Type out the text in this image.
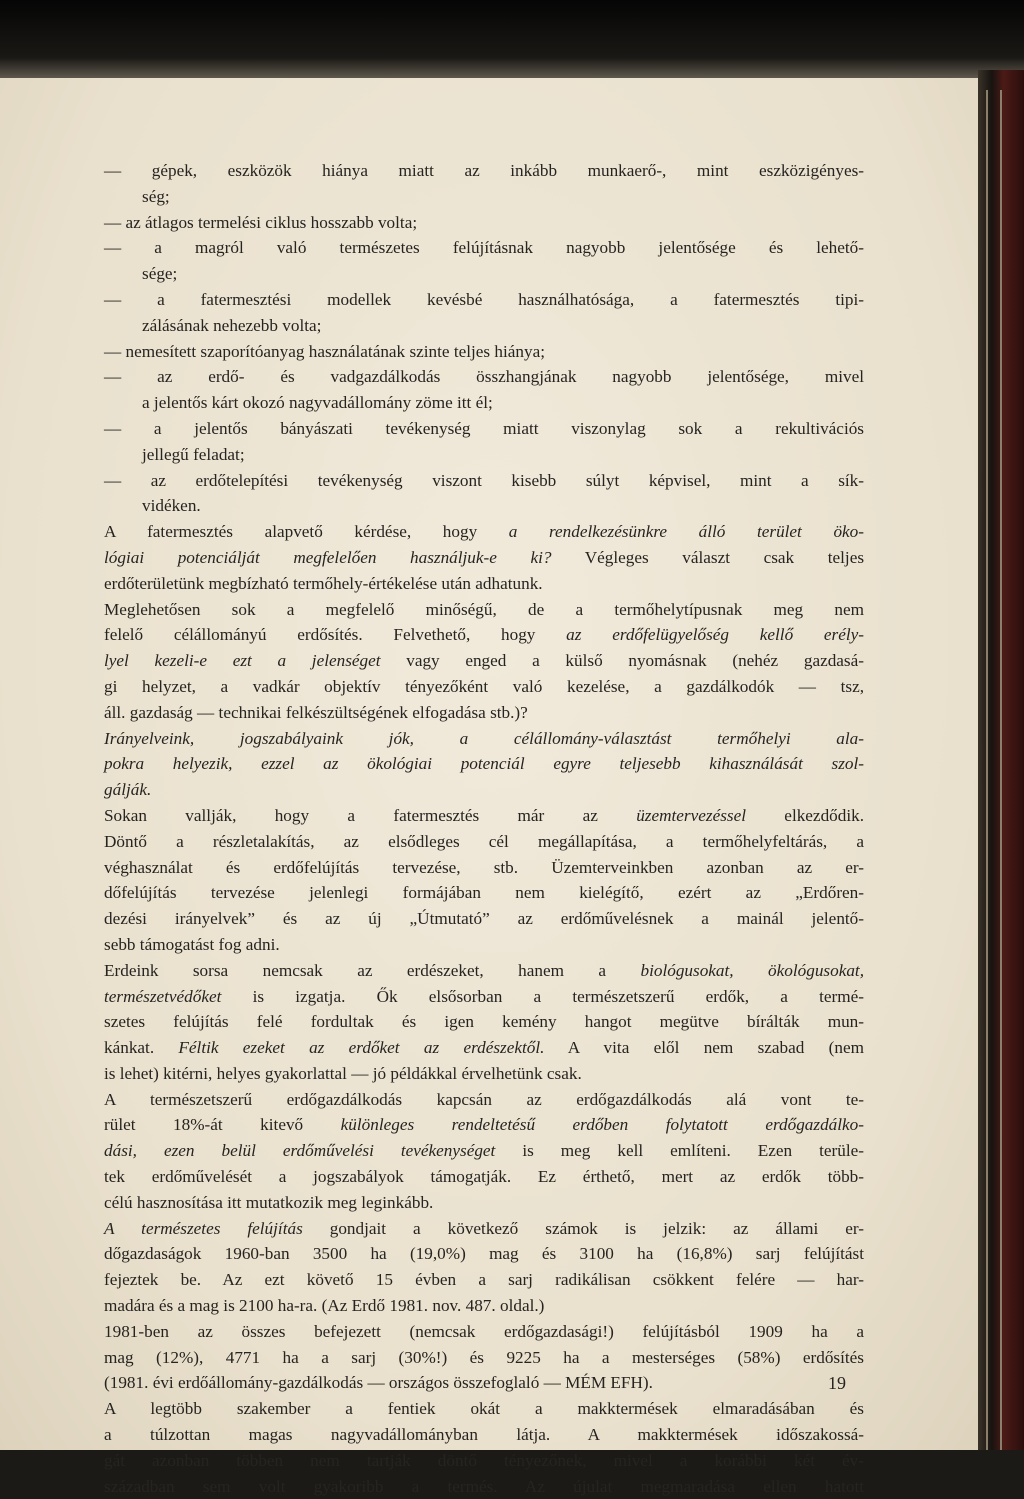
— gépek, eszközök hiánya miatt az inkább munkaerő-, mint eszközigényes-
ség;
— az átlagos termelési ciklus hosszabb volta;
— a magról való természetes felújításnak nagyobb jelentősége és lehető-
sége;
— a fatermesztési modellek kevésbé használhatósága, a fatermesztés tipi-
zálásának nehezebb volta;
— nemesített szaporítóanyag használatának szinte teljes hiánya;
— az erdő- és vadgazdálkodás összhangjának nagyobb jelentősége, mivel
a jelentős kárt okozó nagyvadállomány zöme itt él;
— a jelentős bányászati tevékenység miatt viszonylag sok a rekultivációs
jellegű feladat;
— az erdőtelepítési tevékenység viszont kisebb súlyt képvisel, mint a sík-
vidéken.
A fatermesztés alapvető kérdése, hogy a rendelkezésünkre álló terület öko-
lógiai potenciálját megfelelően használjuk-e ki? Végleges választ csak teljes
erdőterületünk megbízható termőhely-értékelése után adhatunk.
Meglehetősen sok a megfelelő minőségű, de a termőhelytípusnak meg nem
felelő célállományú erdősítés. Felvethető, hogy az erdőfelügyelőség kellő erély-
lyel kezeli-e ezt a jelenséget vagy enged a külső nyomásnak (nehéz gazdasá-
gi helyzet, a vadkár objektív tényezőként való kezelése, a gazdálkodók — tsz,
áll. gazdaság — technikai felkészültségének elfogadása stb.)?
Irányelveink, jogszabályaink jók, a célállomány-választást termőhelyi ala-
pokra helyezik, ezzel az ökológiai potenciál egyre teljesebb kihasználását szol-
gálják.
Sokan vallják, hogy a fatermesztés már az üzemtervezéssel elkezdődik.
Döntő a részletalakítás, az elsődleges cél megállapítása, a termőhelyfeltárás, a
véghasználat és erdőfelújítás tervezése, stb. Üzemterveinkben azonban az er-
dőfelújítás tervezése jelenlegi formájában nem kielégítő, ezért az „Erdőren-
dezési irányelvek” és az új „Útmutató” az erdőművelésnek a mainál jelentő-
sebb támogatást fog adni.
Erdeink sorsa nemcsak az erdészeket, hanem a biológusokat, ökológusokat,
természetvédőket is izgatja. Ők elsősorban a természetszerű erdők, a termé-
szetes felújítás felé fordultak és igen kemény hangot megütve bírálták mun-
kánkat. Féltik ezeket az erdőket az erdészektől. A vita elől nem szabad (nem
is lehet) kitérni, helyes gyakorlattal — jó példákkal érvelhetünk csak.
A természetszerű erdőgazdálkodás kapcsán az erdőgazdálkodás alá vont te-
rület 18%-át kitevő különleges rendeltetésű erdőben folytatott erdőgazdálko-
dási, ezen belül erdőművelési tevékenységet is meg kell említeni. Ezen terüle-
tek erdőművelését a jogszabályok támogatják. Ez érthető, mert az erdők több-
célú hasznosítása itt mutatkozik meg leginkább.
A természetes felújítás gondjait a következő számok is jelzik: az állami er-
dőgazdaságok 1960-ban 3500 ha (19,0%) mag és 3100 ha (16,8%) sarj felújítást
fejeztek be. Az ezt követő 15 évben a sarj radikálisan csökkent felére — har-
madára és a mag is 2100 ha-ra. (Az Erdő 1981. nov. 487. oldal.)
1981-ben az összes befejezett (nemcsak erdőgazdasági!) felújításból 1909 ha a
mag (12%), 4771 ha a sarj (30%!) és 9225 ha a mesterséges (58%) erdősítés
(1981. évi erdőállomány-gazdálkodás — országos összefoglaló — MÉM EFH).
A legtöbb szakember a fentiek okát a makktermések elmaradásában és
a túlzottan magas nagyvadállományban látja. A makktermések időszakossá-
gát azonban többen nem tartják döntő tényezőnek, mivel a korábbi két év-
században sem volt gyakoribb a termés. Az újulat megmaradása ellen hatott
19
